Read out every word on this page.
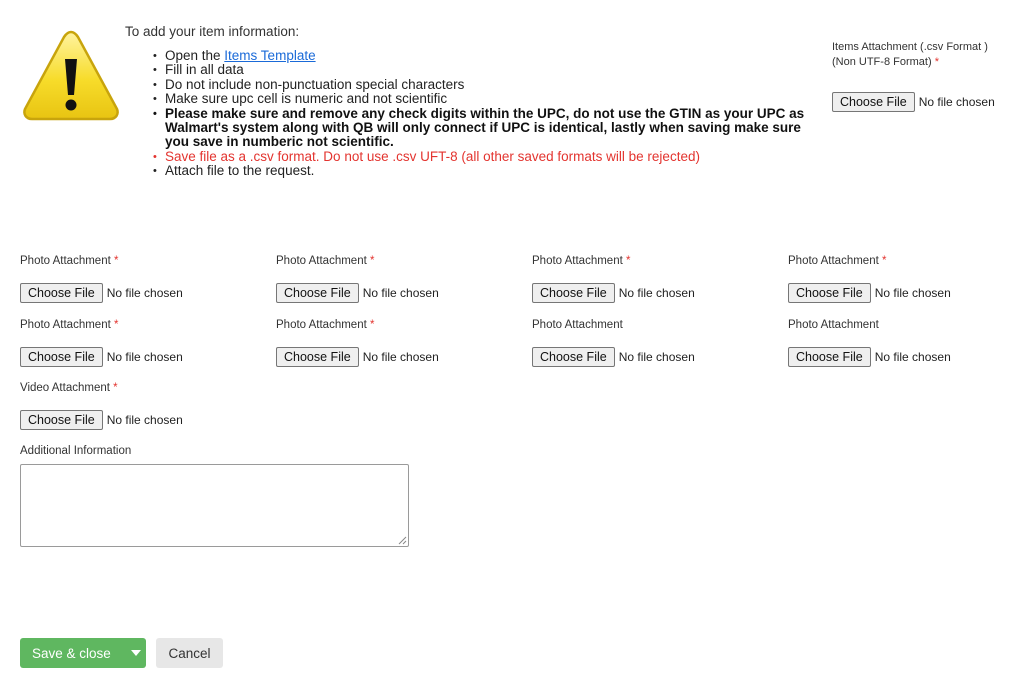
To add your item information:

• Open the Items Template
• Fill in all data
• Do not include non-punctuation special characters
• Make sure upc cell is numeric and not scientific
• Please make sure and remove any check digits within the UPC, do not use the GTIN as your UPC as Walmart's system along with QB will only connect if UPC is identical, lastly when saving make sure you save in numberic not scientific.
• Save file as a .csv format. Do not use .csv UFT-8 (all other saved formats will be rejected)
• Attach file to the request.
Items Attachment (.csv Format )
(Non UTF-8 Format) *
Choose File	No file chosen
Photo Attachment *
Choose File	No file chosen
Photo Attachment *
Choose File	No file chosen
Photo Attachment *
Choose File	No file chosen
Photo Attachment *
Choose File	No file chosen
Photo Attachment *
Choose File	No file chosen
Photo Attachment *
Choose File	No file chosen
Photo Attachment
Choose File	No file chosen
Photo Attachment
Choose File	No file chosen
Video Attachment *
Choose File	No file chosen
Additional Information
Save & close	Cancel
